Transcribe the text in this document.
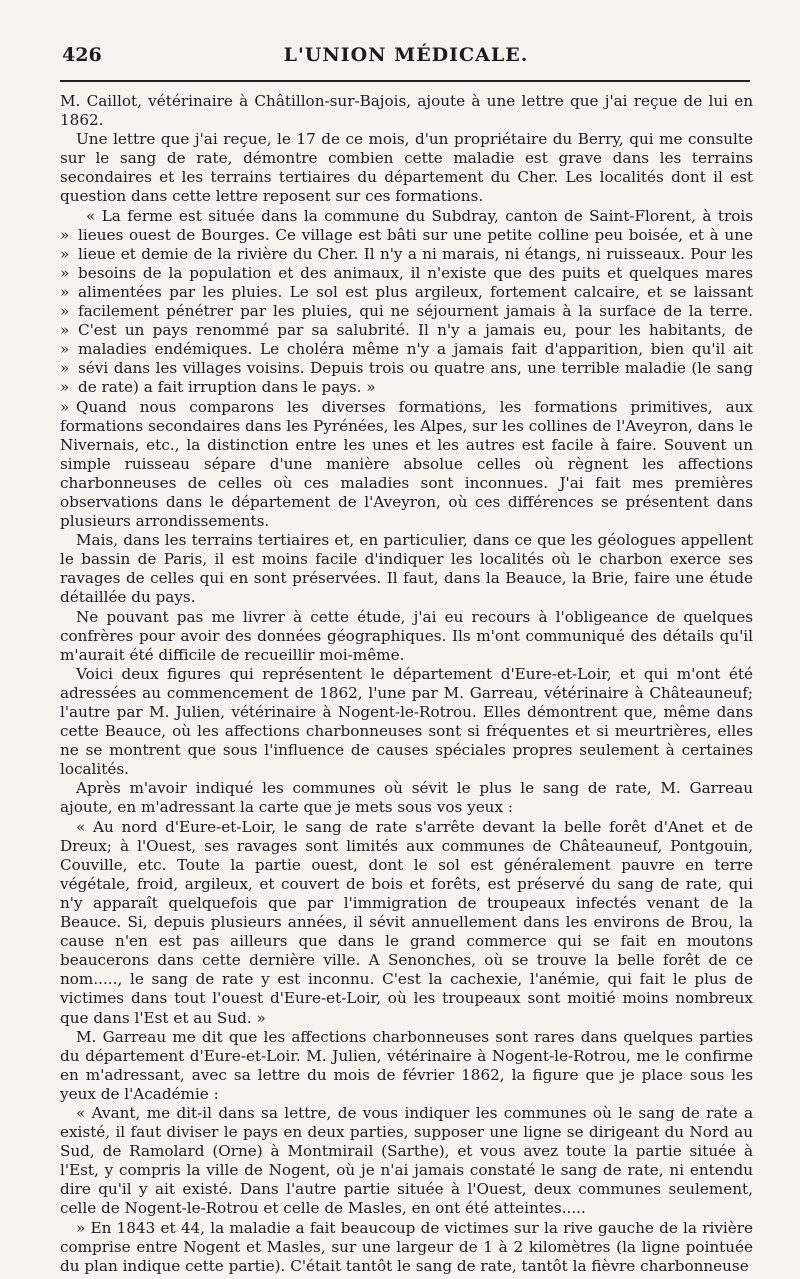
426	L'UNION MÉDICALE.

M. Caillot, vétérinaire à Châtillon-sur-Bajois, ajoute à une lettre que j'ai reçue de lui en 1862.

Une lettre que j'ai reçue, le 17 de ce mois, d'un propriétaire du Berry, qui me consulte sur le sang de rate, démontre combien cette maladie est grave dans les terrains secondaires et les terrains tertiaires du département du Cher. Les localités dont il est question dans cette lettre reposent sur ces formations.

» » » » » » » » » » « La ferme est située dans la commune du Subdray, canton de Saint-Florent, à trois lieues ouest de Bourges. Ce village est bâti sur une petite colline peu boisée, et à une lieue et demie de la rivière du Cher. Il n'y a ni marais, ni étangs, ni ruisseaux. Pour les besoins de la population et des animaux, il n'existe que des puits et quelques mares alimentées par les pluies. Le sol est plus argileux, fortement calcaire, et se laissant facilement pénétrer par les pluies, qui ne séjournent jamais à la surface de la terre. C'est un pays renommé par sa salubrité. Il n'y a jamais eu, pour les habitants, de maladies endémiques. Le choléra même n'y a jamais fait d'apparition, bien qu'il ait sévi dans les villages voisins. Depuis trois ou quatre ans, une terrible maladie (le sang de rate) a fait irruption dans le pays. »

Quand nous comparons les diverses formations, les formations primitives, aux formations secondaires dans les Pyrénées, les Alpes, sur les collines de l'Aveyron, dans le Nivernais, etc., la distinction entre les unes et les autres est facile à faire. Souvent un simple ruisseau sépare d'une manière absolue celles où règnent les affections charbonneuses de celles où ces maladies sont inconnues. J'ai fait mes premières observations dans le département de l'Aveyron, où ces différences se présentent dans plusieurs arrondissements.

Mais, dans les terrains tertiaires et, en particulier, dans ce que les géologues appellent le bassin de Paris, il est moins facile d'indiquer les localités où le charbon exerce ses ravages de celles qui en sont préservées. Il faut, dans la Beauce, la Brie, faire une étude détaillée du pays.

Ne pouvant pas me livrer à cette étude, j'ai eu recours à l'obligeance de quelques confrères pour avoir des données géographiques. Ils m'ont communiqué des détails qu'il m'aurait été difficile de recueillir moi-même.

Voici deux figures qui représentent le département d'Eure-et-Loir, et qui m'ont été adressées au commencement de 1862, l'une par M. Garreau, vétérinaire à Châteauneuf; l'autre par M. Julien, vétérinaire à Nogent-le-Rotrou. Elles démontrent que, même dans cette Beauce, où les affections charbonneuses sont si fréquentes et si meurtrières, elles ne se montrent que sous l'influence de causes spéciales propres seulement à certaines localités.

Après m'avoir indiqué les communes où sévit le plus le sang de rate, M. Garreau ajoute, en m'adressant la carte que je mets sous vos yeux :

« Au nord d'Eure-et-Loir, le sang de rate s'arrête devant la belle forêt d'Anet et de Dreux; à l'Ouest, ses ravages sont limités aux communes de Châteauneuf, Pontgouin, Couville, etc. Toute la partie ouest, dont le sol est généralement pauvre en terre végétale, froid, argileux, et couvert de bois et forêts, est préservé du sang de rate, qui n'y apparaît quelquefois que par l'immigration de troupeaux infectés venant de la Beauce. Si, depuis plusieurs années, il sévit annuellement dans les environs de Brou, la cause n'en est pas ailleurs que dans le grand commerce qui se fait en moutons beaucerons dans cette dernière ville. A Senonches, où se trouve la belle forêt de ce nom....., le sang de rate y est inconnu. C'est la cachexie, l'anémie, qui fait le plus de victimes dans tout l'ouest d'Eure-et-Loir, où les troupeaux sont moitié moins nombreux que dans l'Est et au Sud. »

M. Garreau me dit que les affections charbonneuses sont rares dans quelques parties du département d'Eure-et-Loir. M. Julien, vétérinaire à Nogent-le-Rotrou, me le confirme en m'adressant, avec sa lettre du mois de février 1862, la figure que je place sous les yeux de l'Académie :

« Avant, me dit-il dans sa lettre, de vous indiquer les communes où le sang de rate a existé, il faut diviser le pays en deux parties, supposer une ligne se dirigeant du Nord au Sud, de Ramolard (Orne) à Montmirail (Sarthe), et vous avez toute la partie située à l'Est, y compris la ville de Nogent, où je n'ai jamais constaté le sang de rate, ni entendu dire qu'il y ait existé. Dans l'autre partie située à l'Ouest, deux communes seulement, celle de Nogent-le-Rotrou et celle de Masles, en ont été atteintes.....

» En 1843 et 44, la maladie a fait beaucoup de victimes sur la rive gauche de la rivière comprise entre Nogent et Masles, sur une largeur de 1 à 2 kilomètres (la ligne pointuée du plan indique cette partie). C'était tantôt le sang de rate, tantôt la fièvre charbonneuse
